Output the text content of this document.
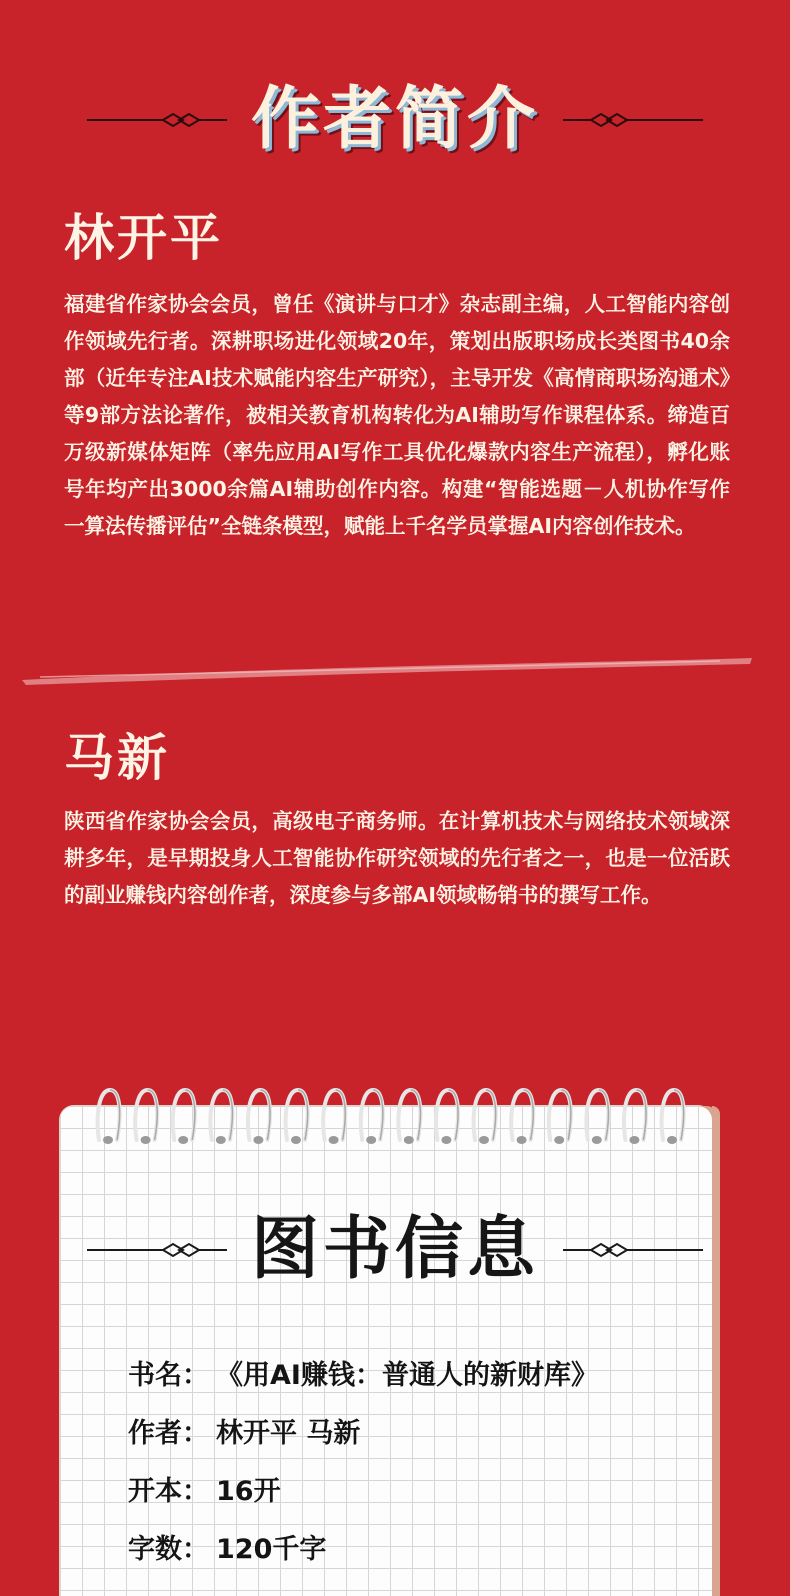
作者简介
林开平

福建省作家协会会员，曾任《演讲与口才》杂志副主编，人工智能内容创作领域先行者。深耕职场进化领域20年，策划出版职场成长类图书40余部（近年专注AI技术赋能内容生产研究），主导开发《高情商职场沟通术》等9部方法论著作，被相关教育机构转化为AI辅助写作课程体系。缔造百万级新媒体矩阵（率先应用AI写作工具优化爆款内容生产流程），孵化账号年均产出3000余篇AI辅助创作内容。构建“智能选题－人机协作写作一算法传播评估”全链条模型，赋能上千名学员掌握AI内容创作技术。

马新

陕西省作家协会会员，高级电子商务师。在计算机技术与网络技术领域深耕多年，是早期投身人工智能协作研究领域的先行者之一，也是一位活跃的副业赚钱内容创作者，深度参与多部AI领域畅销书的撰写工作。

图书信息
书名： 《用AI赚钱：普通人的新财库》
作者： 林开平 马新
开本： 16开
字数： 120千字
